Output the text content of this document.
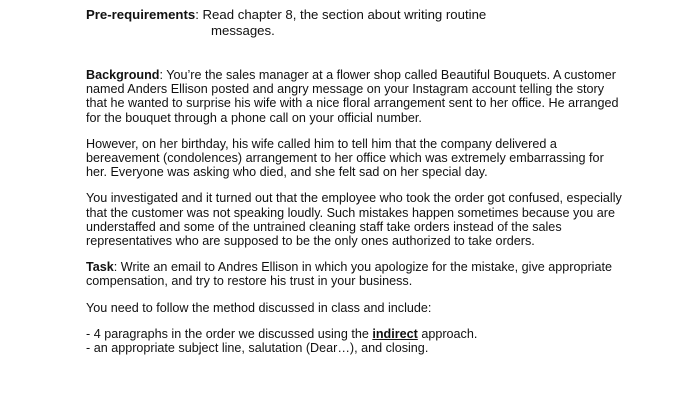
Pre-requirements: Read chapter 8, the section about writing routine
messages.

Background: You’re the sales manager at a flower shop called Beautiful Bouquets. A customer named Anders Ellison posted and angry message on your Instagram account telling the story that he wanted to surprise his wife with a nice floral arrangement sent to her office. He arranged for the bouquet through a phone call on your official number.

However, on her birthday, his wife called him to tell him that the company delivered a bereavement (condolences) arrangement to her office which was extremely embarrassing for her. Everyone was asking who died, and she felt sad on her special day.

You investigated and it turned out that the employee who took the order got confused, especially that the customer was not speaking loudly. Such mistakes happen sometimes because you are understaffed and some of the untrained cleaning staff take orders instead of the sales representatives who are supposed to be the only ones authorized to take orders.

Task: Write an email to Andres Ellison in which you apologize for the mistake, give appropriate compensation, and try to restore his trust in your business.

You need to follow the method discussed in class and include:

- 4 paragraphs in the order we discussed using the indirect approach.
- an appropriate subject line, salutation (Dear…), and closing.
